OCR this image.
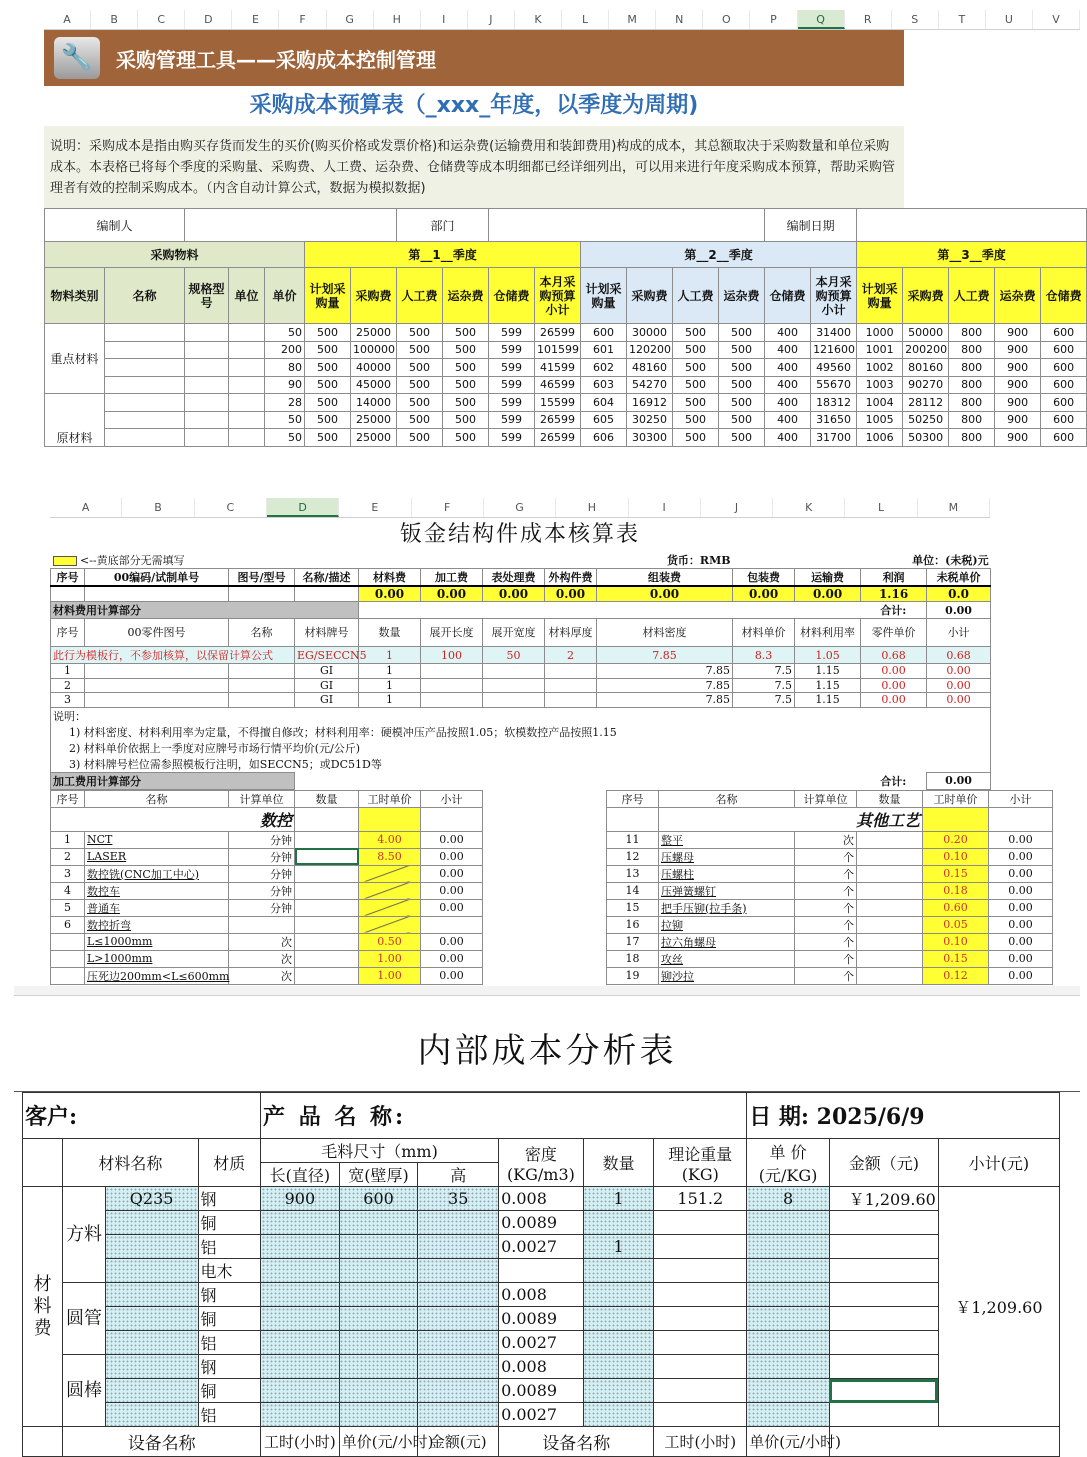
A	B	C	D	E	F	G	H	I	J	K	L	M	N	O	P	Q	R	S	T	U	V
🔧	采购管理工具——采购成本控制管理
采购成本预算表（_xxx_年度，以季度为周期)
说明：采购成本是指由购买存货而发生的买价(购买价格或发票价格)和运杂费(运输费用和装卸费用)构成的成本，其总额取决于采购数量和单位采购成本。本表格已将每个季度的采购量、采购费、人工费、运杂费、仓储费等成本明细都已经详细列出，可以用来进行年度采购成本预算，帮助采购管理者有效的控制采购成本。（内含自动计算公式，数据为模拟数据)
编制人							部门								编制日期						
采购物料					第__1__季度						第__2__季度						第__3__季度				
物料类别	名称	规格型号	单位	单价	计划采购量	采购费	人工费	运杂费	仓储费	本月采购预算小计	计划采购量	采购费	人工费	运杂费	仓储费	本月采购预算小计	计划采购量	采购费	人工费	运杂费	仓储费
重点材料				50	500	25000	500	500	599	26599	600	30000	500	500	400	31400	1000	50000	800	900	600
				200	500	100000	500	500	599	101599	601	120200	500	500	400	121600	1001	200200	800	900	600
				80	500	40000	500	500	599	41599	602	48160	500	500	400	49560	1002	80160	800	900	600
				90	500	45000	500	500	599	46599	603	54270	500	500	400	55670	1003	90270	800	900	600
原材料				28	500	14000	500	500	599	15599	604	16912	500	500	400	18312	1004	28112	800	900	600
				50	500	25000	500	500	599	26599	605	30250	500	500	400	31650	1005	50250	800	900	600
				50	500	25000	500	500	599	26599	606	30300	500	500	400	31700	1006	50300	800	900	600
A	B	C	D	E	F	G	H	I	J	K	L	M
钣金结构件成本核算表
<--黄底部分无需填写			货币：RMB								单位：(未税)元	
序号	00编码/试制单号	图号/型号	名称/描述	材料费	加工费	表处理费	外构件费	组装费	包装费	运输费	利润	未税单价
				0.00	0.00	0.00	0.00	0.00	0.00	0.00	1.16	0.0
材料费用计算部分											合计:	0.00
序号	00零件图号	名称	材料牌号	数量	展开长度	展开宽度	材料厚度	材料密度	材料单价	材料利用率	零件单价	小计
此行为模板行，不参加核算，以保留计算公式			EG/SECCN5	1	100	50	2	7.85	8.3	1.05	0.68	0.68
1			GI	1				7.85	7.5	1.15	0.00	0.00
2			GI	1				7.85	7.5	1.15	0.00	0.00
3			GI	1				7.85	7.5	1.15	0.00	0.00
说明：												
1) 材料密度、材料利用率为定量，不得擅自修改；材料利用率：硬模冲压产品按照1.05；软模数控产品按照1.15												
2) 材料单价依据上一季度对应牌号市场行情平均价(元/公斤)												
3) 材料牌号栏位需参照模板行注明，如SECCN5；或DC51D等												
加工费用计算部分											合计:	0.00
序号	名称	计算单位	数量	工时单价	小计		序号	名称	计算单位	数量	工时单价	小计
数控								其他工艺				
1	NCT	分钟		4.00	0.00		11	整平	次		0.20	0.00
2	LASER	分钟		8.50	0.00		12	压螺母	个		0.10	0.00
3	数控铣(CNC加工中心)	分钟			0.00		13	压螺柱	个		0.15	0.00
4	数控车	分钟			0.00		14	压弹簧螺钉	个		0.18	0.00
5	普通车	分钟			0.00		15	把手压铆(拉手条)	个		0.60	0.00
6	数控折弯						16	拉铆	个		0.05	0.00
	L≤1000mm	次		0.50	0.00		17	拉六角螺母	个		0.10	0.00
	L>1000mm	次		1.00	0.00		18	攻丝	个		0.15	0.00
	压死边200mm<L≤600mm	次		1.00	0.00		19	铆沙拉	个		0.12	0.00
内部成本分析表
客户:				产 品 名 称:						日 期: 2025/6/9		
	材料名称		材质	毛料尺寸（mm)			密度(KG/m3)	数量	理论重量(KG)	单 价(元/KG)	金额（元)	小计(元)
				长(直径)	宽(壁厚)	高						
材料费	方料	Q235	钢	900	600	35	0.008	1	151.2	8	￥1,209.60	￥1,209.60
			铜				0.0089					
			铝				0.0027	1				
			电木									
	圆管		钢				0.008					
			铜				0.0089					
			铝				0.0027					
	圆棒		钢				0.008					
			铜				0.0089					
			铝				0.0027					
	设备名称			工时(小时)	单价(元/小时)	金额(元)	设备名称		工时(小时)	单价(元/小时)		
